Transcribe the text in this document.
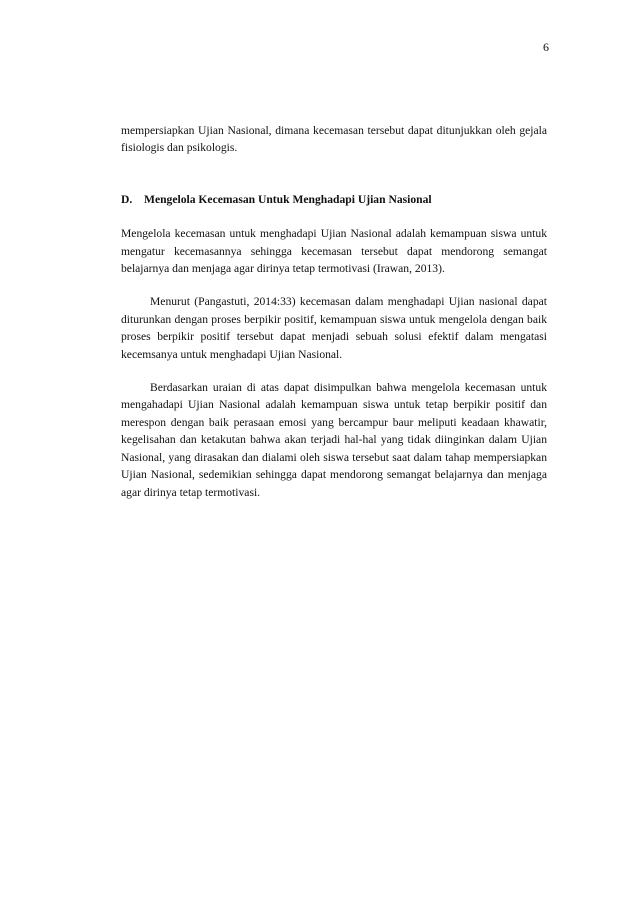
6

mempersiapkan Ujian Nasional, dimana kecemasan tersebut dapat ditunjukkan oleh gejala fisiologis dan psikologis.

D. Mengelola Kecemasan Untuk Menghadapi Ujian Nasional

Mengelola kecemasan untuk menghadapi Ujian Nasional adalah kemampuan siswa untuk mengatur kecemasannya sehingga kecemasan tersebut dapat mendorong semangat belajarnya dan menjaga agar dirinya tetap termotivasi (Irawan, 2013).

Menurut (Pangastuti, 2014:33) kecemasan dalam menghadapi Ujian nasional dapat diturunkan dengan proses berpikir positif, kemampuan siswa untuk mengelola dengan baik proses berpikir positif tersebut dapat menjadi sebuah solusi efektif dalam mengatasi kecemsanya untuk menghadapi Ujian Nasional.

Berdasarkan uraian di atas dapat disimpulkan bahwa mengelola kecemasan untuk mengahadapi Ujian Nasional adalah kemampuan siswa untuk tetap berpikir positif dan merespon dengan baik perasaan emosi yang bercampur baur meliputi keadaan khawatir, kegelisahan dan ketakutan bahwa akan terjadi hal-hal yang tidak diinginkan dalam Ujian Nasional, yang dirasakan dan dialami oleh siswa tersebut saat dalam tahap mempersiapkan Ujian Nasional, sedemikian sehingga dapat mendorong semangat belajarnya dan menjaga agar dirinya tetap termotivasi.
